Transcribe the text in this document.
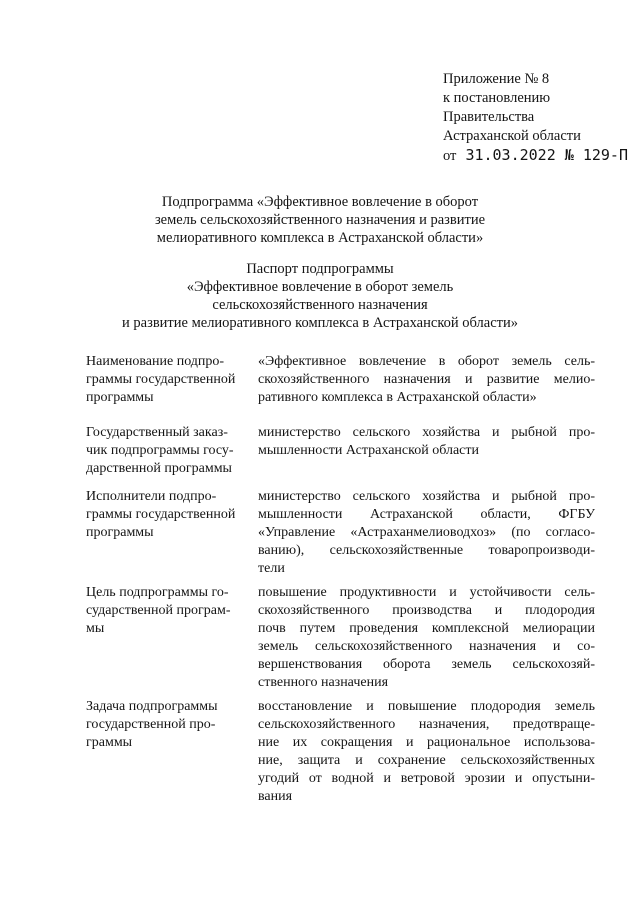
Приложение № 8
к постановлению
Правительства
Астраханской области
от 31.03.2022 № 129-П
Подпрограмма «Эффективное вовлечение в оборот
земель сельскохозяйственного назначения и развитие
мелиоративного комплекса в Астраханской области»
Паспорт подпрограммы
«Эффективное вовлечение в оборот земель
сельскохозяйственного назначения
и развитие мелиоративного комплекса в Астраханской области»
Наименование подпро-
граммы государственной
программы
«Эффективное вовлечение в оборот земель сель-
скохозяйственного назначения и развитие мелио-
ративного комплекса в Астраханской области»
Государственный заказ-
чик подпрограммы госу-
дарственной программы
министерство сельского хозяйства и рыбной про-
мышленности Астраханской области
Исполнители подпро-
граммы государственной
программы
министерство сельского хозяйства и рыбной про-
мышленности Астраханской области, ФГБУ
«Управление «Астраханмелиоводхоз» (по согласо-
ванию), сельскохозяйственные товаропроизводи-
тели
Цель подпрограммы го-
сударственной програм-
мы
повышение продуктивности и устойчивости сель-
скохозяйственного производства и плодородия
почв путем проведения комплексной мелиорации
земель сельскохозяйственного назначения и со-
вершенствования оборота земель сельскохозяй-
ственного назначения
Задача подпрограммы
государственной про-
граммы
восстановление и повышение плодородия земель
сельскохозяйственного назначения, предотвраще-
ние их сокращения и рациональное использова-
ние, защита и сохранение сельскохозяйственных
угодий от водной и ветровой эрозии и опустыни-
вания
